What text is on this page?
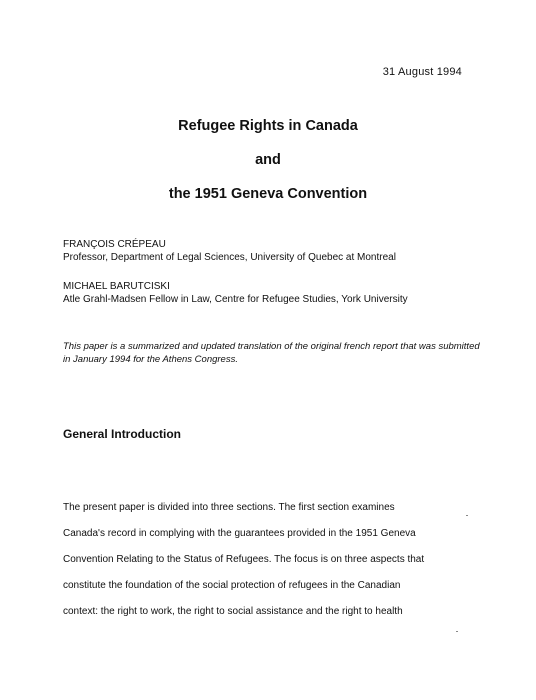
31 August 1994
Refugee Rights in Canada
and
the 1951 Geneva Convention
FRANÇOIS CRÉPEAU
Professor, Department of Legal Sciences, University of Quebec at Montreal
MICHAEL BARUTCISKI
Atle Grahl-Madsen Fellow in Law, Centre for Refugee Studies, York University
This paper is a summarized and updated translation of the original french report that was submitted in January 1994 for the Athens Congress.
General Introduction
The present paper is divided into three sections. The first section examines
Canada's record in complying with the guarantees provided in the 1951 Geneva
Convention Relating to the Status of Refugees. The focus is on three aspects that
constitute the foundation of the social protection of refugees in the Canadian
context: the right to work, the right to social assistance and the right to health
